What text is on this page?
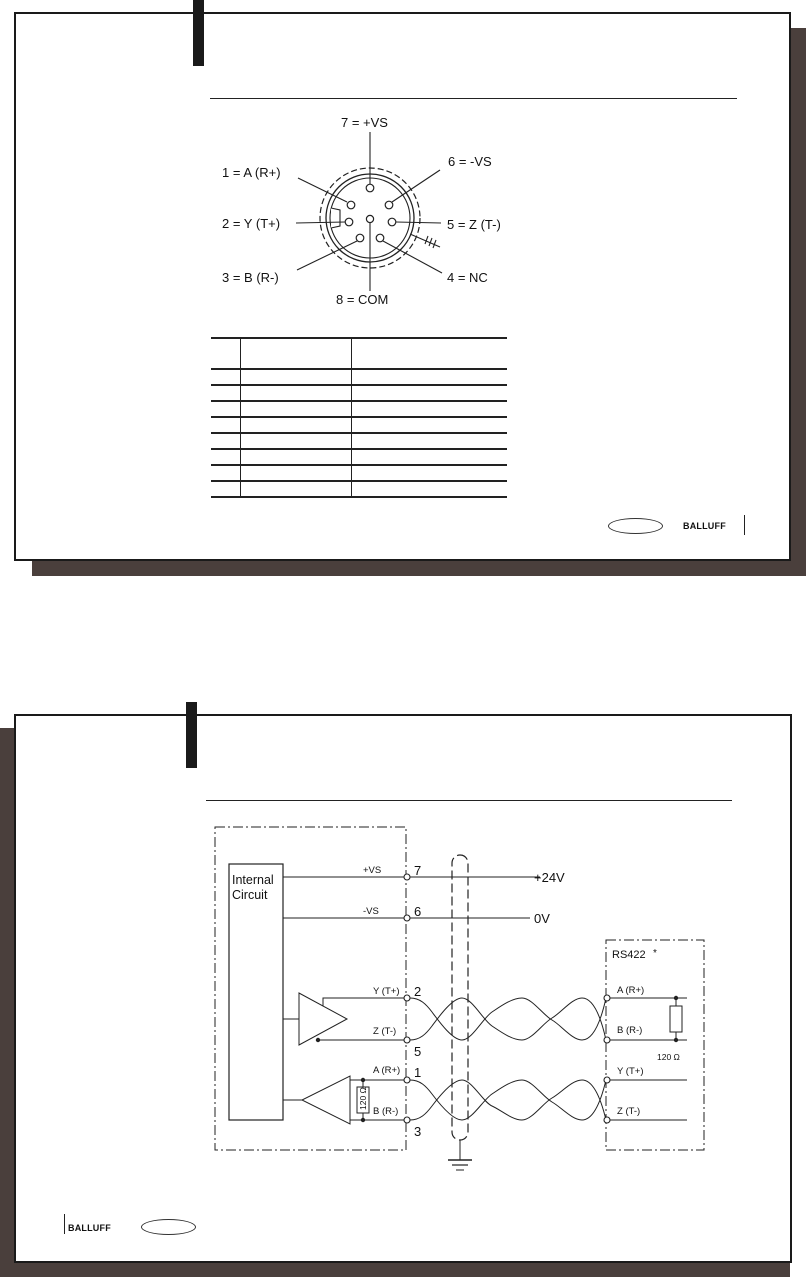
7 = +VS
6 = -VS
1 = A (R+)
2 = Y (T+)	5 = Z (T-)
3 = B (R-)	4 = NC
8 = COM

BALLUFF
Internal
Circuit
+VS
-VS
Y (T+)
Z (T-)
A (R+)
B (R-)
120 Ω
7
6
2
5
1
3
+24V
0V
RS422 *
A (R+)
B (R-)
Y (T+)
Z (T-)
120 Ω
BALLUFF
